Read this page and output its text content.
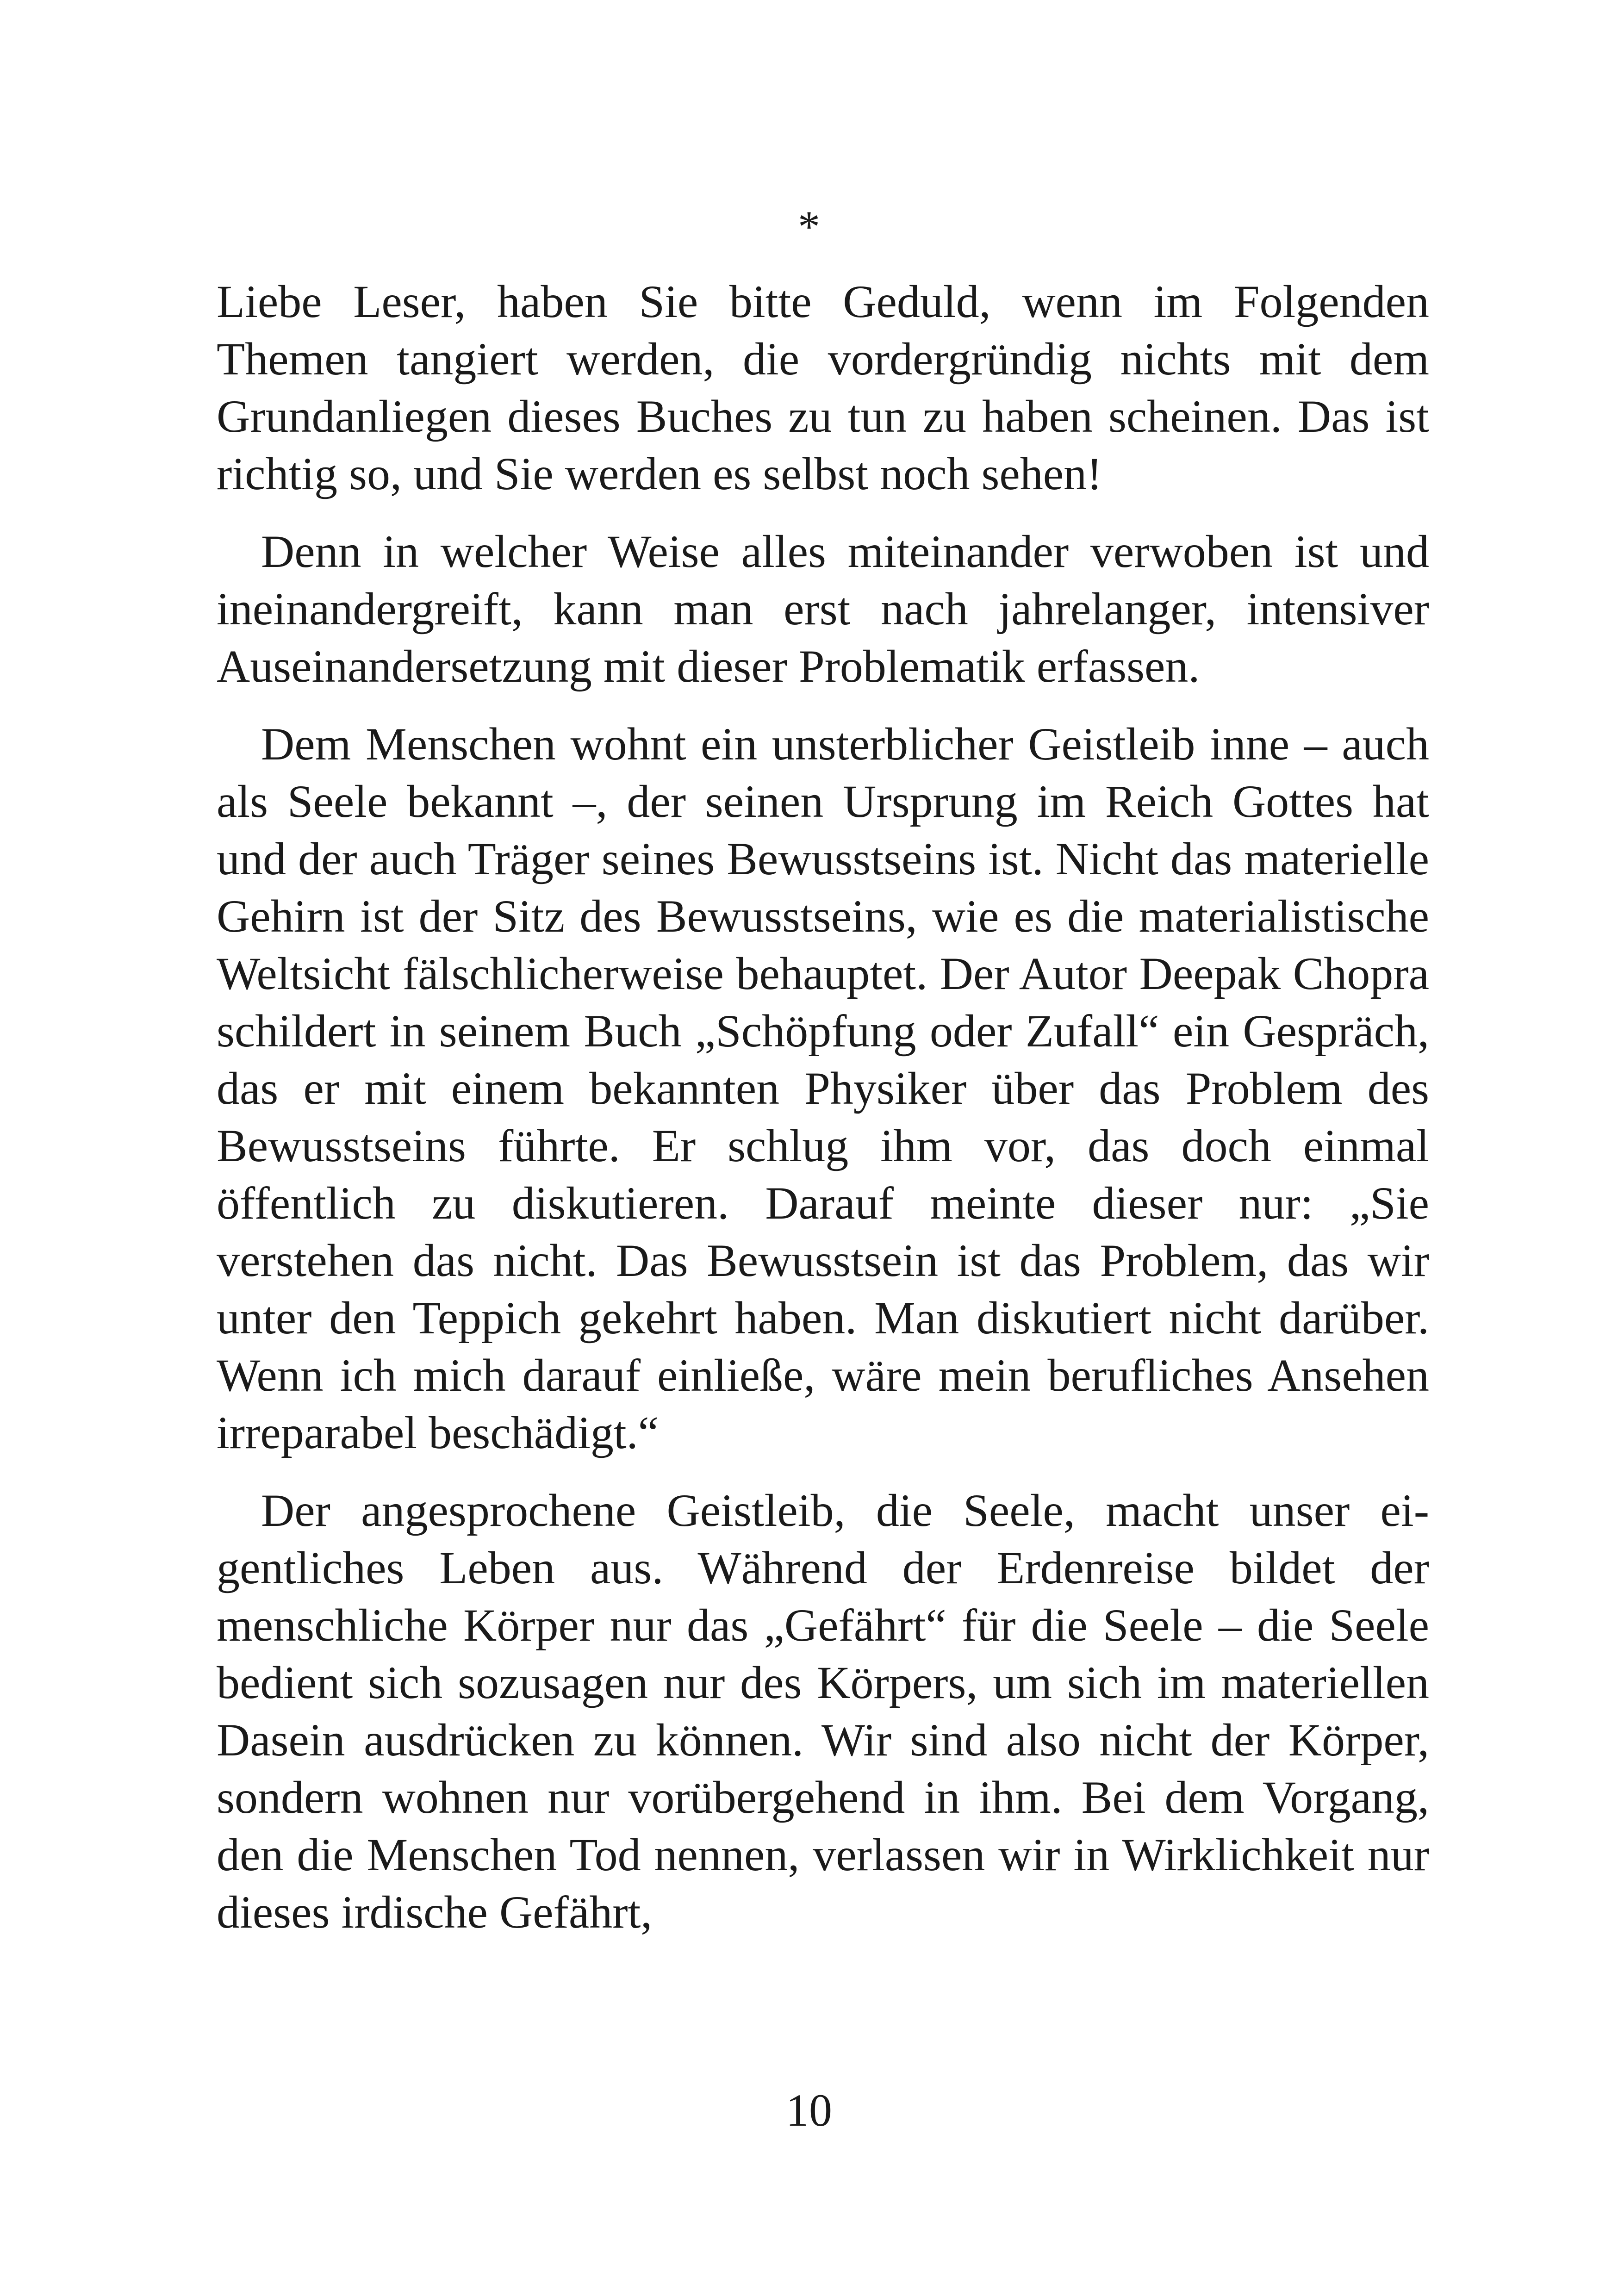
*

Liebe Leser, haben Sie bitte Geduld, wenn im Folgenden Themen tangiert werden, die vordergründig nichts mit dem Grundanliegen dieses Buches zu tun zu haben scheinen. Das ist richtig so, und Sie werden es selbst noch sehen!

Denn in welcher Weise alles miteinander verwoben ist und ineinandergreift, kann man erst nach jahrelanger, intensiver Auseinandersetzung mit dieser Problematik erfassen.

Dem Menschen wohnt ein unsterblicher Geistleib inne – auch als Seele bekannt –, der seinen Ursprung im Reich Gottes hat und der auch Träger seines Bewusstseins ist. Nicht das materielle Gehirn ist der Sitz des Bewusstseins, wie es die materialistische Weltsicht fälschlicherweise behauptet. Der Autor Deepak Chopra schildert in seinem Buch „Schöpfung oder Zufall“ ein Gespräch, das er mit einem bekannten Physiker über das Problem des Bewusstseins führte. Er schlug ihm vor, das doch einmal öffentlich zu diskutieren. Darauf meinte dieser nur: „Sie verstehen das nicht. Das Bewusstsein ist das Problem, das wir unter den Teppich gekehrt haben. Man diskutiert nicht darüber. Wenn ich mich darauf einließe, wäre mein berufliches Ansehen irreparabel beschädigt.“

Der angesprochene Geistleib, die Seele, macht unser eigentliches Leben aus. Während der Erdenreise bildet der menschliche Körper nur das „Gefährt“ für die Seele – die Seele bedient sich sozusagen nur des Körpers, um sich im materiellen Dasein ausdrücken zu können. Wir sind also nicht der Körper, sondern wohnen nur vorübergehend in ihm. Bei dem Vorgang, den die Menschen Tod nennen, verlassen wir in Wirklichkeit nur dieses irdische Gefährt,

10
